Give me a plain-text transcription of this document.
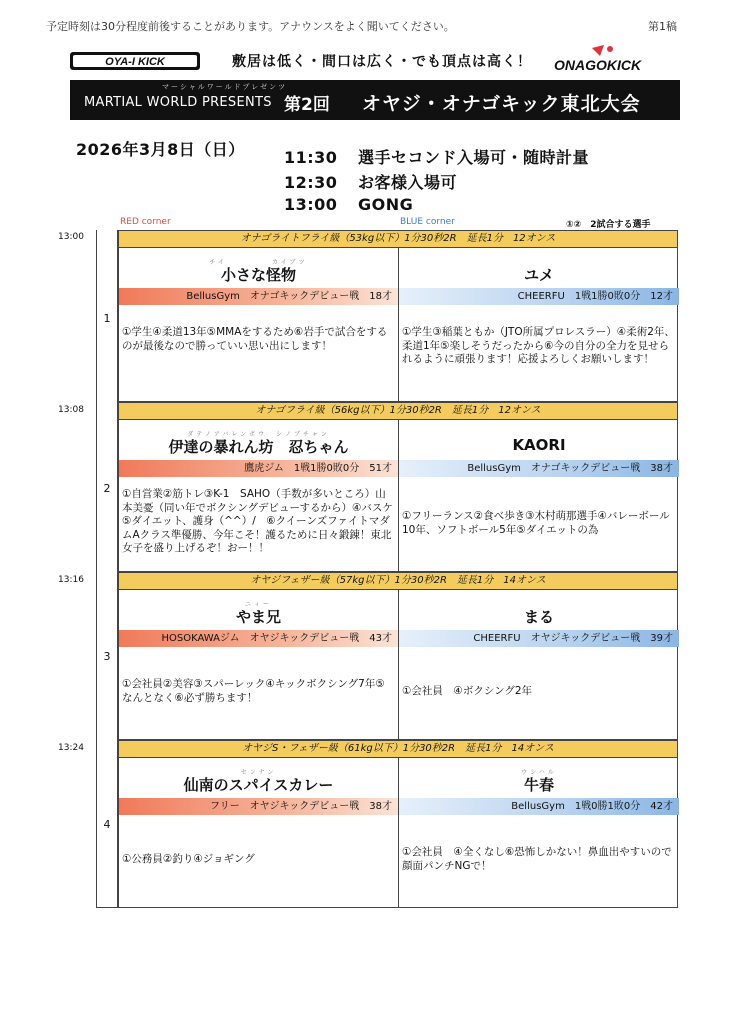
予定時刻は30分程度前後することがあります。アナウンスをよく聞いてください。	第1稿
OYA-I KICK	敷居は低く・間口は広く・でも頂点は高く！ ONAGOKICK
マーシャルワールドプレゼンツ
MARTIAL WORLD PRESENTS 第2回 オヤジ・オナゴキック東北大会
2026年3月8日（日） 11:30 選手セコンド入場可・随時計量
12:30 お客様入場可
13:00 GONG
RED corner	BLUE corner	①②　2試合する選手
13:00
1
オナゴライトフライ級（53kg以下）1分30秒2R　延長1分　12オンス
チイ　　　　　カイブツ
小さな怪物
BellusGym　オナゴキックデビュー戦　18才
①学生④柔道13年⑤MMAをするため⑥岩手で試合をするのが最後なので勝っていい思い出にします！
ユメ
CHEERFU　1戦1勝0敗0分　12才
①学生③稲葉ともか（JTO所属プロレスラー）④柔術2年、柔道1年⑤楽しそうだったから⑥今の自分の全力を見せられるように頑張ります！応援よろしくお願いします！
13:08
2
オナゴフライ級（56kg以下）1分30秒2R　延長1分　12オンス
ダテノアバレンボウ　シノブチャン
伊達の暴れん坊　忍ちゃん
鷹虎ジム　1戦1勝0敗0分　51才
①自営業②筋トレ③K-1　SAHO（手数が多いところ）山本美憂（同い年でボクシングデビューするから）④バスケ　⑤ダイエット、護身（^^）/　⑥クイーンズファイトマダムAクラス準優勝、今年こそ！護るために日々鍛錬！東北女子を盛り上げるぞ！おー！！
KAORI
BellusGym　オナゴキックデビュー戦　38才
①フリーランス②食べ歩き③木村萌那選手④バレーボール10年、ソフトボール5年⑤ダイエットの為
13:16
3
オヤジフェザー級（57kg以下）1分30秒2R　延長1分　14オンス
ニィー
やま兄
HOSOKAWAジム　オヤジキックデビュー戦　43才
①会社員②美容③スパーレック④キックボクシング7年⑤なんとなく⑥必ず勝ちます！
まる
CHEERFU　オヤジキックデビュー戦　39才
①会社員　④ボクシング2年
13:24
4
オヤジS・フェザー級（61kg以下）1分30秒2R　延長1分　14オンス
センナン
仙南のスパイスカレー
フリー　オヤジキックデビュー戦　38才
①公務員②釣り④ジョギング
ウシハル
牛春
BellusGym　1戦0勝1敗0分　42才
①会社員　④全くなし⑥恐怖しかない！鼻血出やすいので顔面パンチNGで！
